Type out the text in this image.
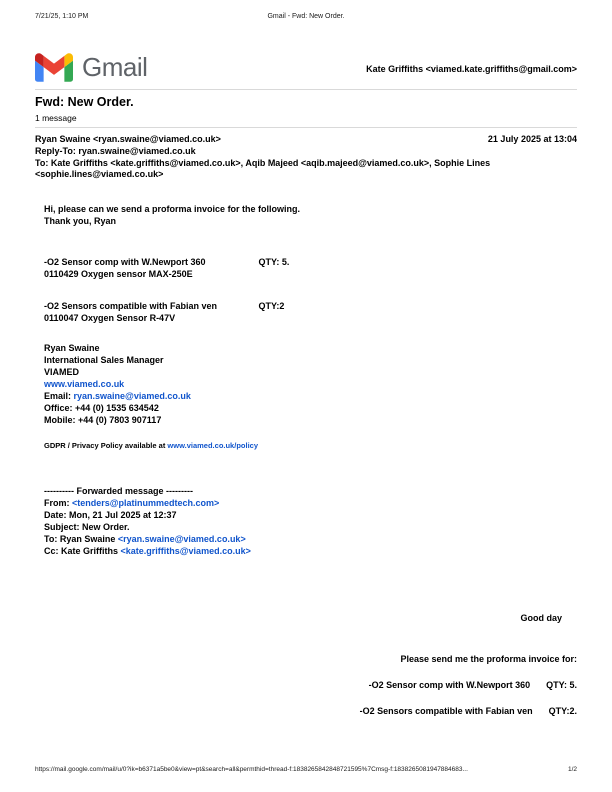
7/21/25, 1:10 PM	Gmail - Fwd: New Order.
Gmail	Kate Griffiths <viamed.kate.griffiths@gmail.com>
Fwd: New Order.
1 message
Ryan Swaine <ryan.swaine@viamed.co.uk>	21 July 2025 at 13:04
Reply-To: ryan.swaine@viamed.co.uk
To: Kate Griffiths <kate.griffiths@viamed.co.uk>, Aqib Majeed <aqib.majeed@viamed.co.uk>, Sophie Lines <sophie.lines@viamed.co.uk>
Hi, please can we send a proforma invoice for the following.
Thank you, Ryan
-O2 Sensor comp with W.Newport 360	QTY: 5.
0110429 Oxygen sensor MAX-250E
-O2 Sensors compatible with Fabian ven	QTY:2
0110047 Oxygen Sensor R-47V
Ryan Swaine
International Sales Manager
VIAMED
www.viamed.co.uk
Email: ryan.swaine@viamed.co.uk
Office: +44 (0) 1535 634542
Mobile: +44 (0) 7803 907117
GDPR / Privacy Policy available at www.viamed.co.uk/policy
---------- Forwarded message ---------
From: <tenders@platinummedtech.com>
Date: Mon, 21 Jul 2025 at 12:37
Subject: New Order.
To: Ryan Swaine <ryan.swaine@viamed.co.uk>
Cc: Kate Griffiths <kate.griffiths@viamed.co.uk>
Good day
Please send me the proforma invoice for:
-O2 Sensor comp with W.Newport 360 QTY: 5.
-O2 Sensors compatible with Fabian ven QTY:2.
https://mail.google.com/mail/u/0?ik=b6371a5be0&view=pt&search=all&permthid=thread-f:1838265842848721595%7Cmsg-f:1838265081947884683...	1/2
